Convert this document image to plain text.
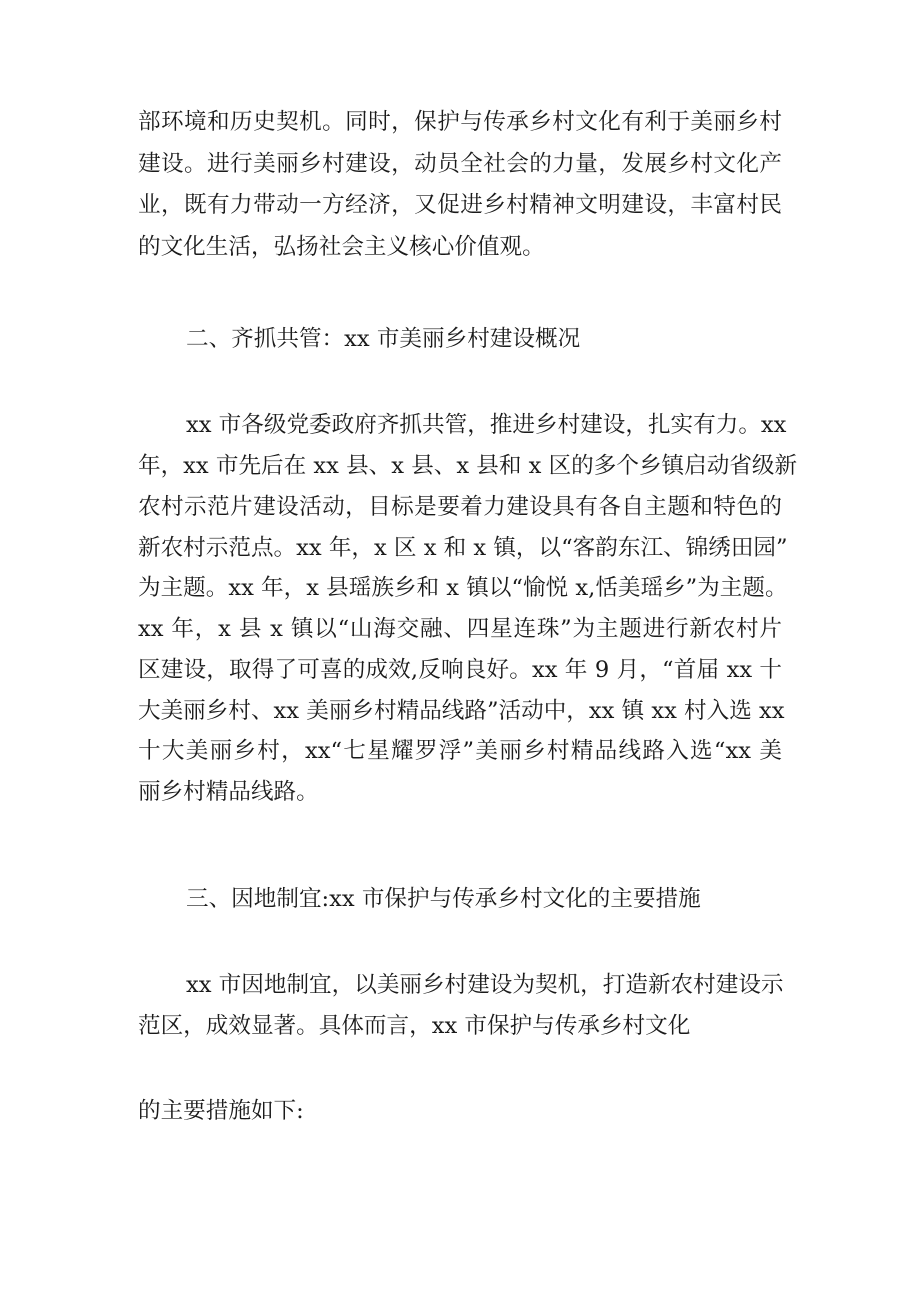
部环境和历史契机。同时，保护与传承乡村文化有利于美丽乡村
建设。进行美丽乡村建设，动员全社会的力量，发展乡村文化产
业，既有力带动一方经济，又促进乡村精神文明建设，丰富村民
的文化生活，弘扬社会主义核心价值观。
二、齐抓共管：xx 市美丽乡村建设概况
xx 市各级党委政府齐抓共管，推进乡村建设，扎实有力。xx
年，xx 市先后在 xx 县、x 县、x 县和 x 区的多个乡镇启动省级新
农村示范片建设活动，目标是要着力建设具有各自主题和特色的
新农村示范点。xx 年，x 区 x 和 x 镇，以“客韵东江、锦绣田园”
为主题。xx 年，x 县瑶族乡和 x 镇以“愉悦 x,恬美瑶乡”为主题。
xx 年，x 县 x 镇以“山海交融、四星连珠”为主题进行新农村片
区建设，取得了可喜的成效,反响良好。xx 年 9 月，“首届 xx 十
大美丽乡村、xx 美丽乡村精品线路”活动中，xx 镇 xx 村入选 xx
十大美丽乡村，xx“七星耀罗浮”美丽乡村精品线路入选“xx 美
丽乡村精品线路。
三、因地制宜:xx 市保护与传承乡村文化的主要措施
xx 市因地制宜，以美丽乡村建设为契机，打造新农村建设示
范区，成效显著。具体而言，xx 市保护与传承乡村文化
的主要措施如下:
